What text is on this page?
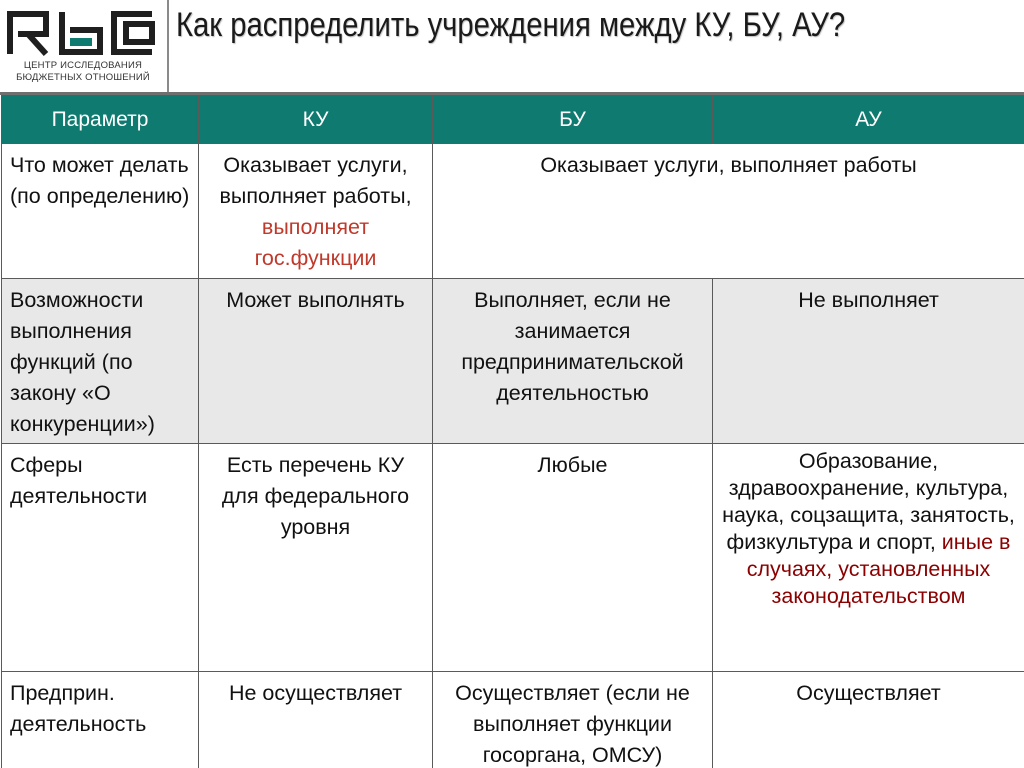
ЦЕНТР ИССЛЕДОВАНИЯ
БЮДЖЕТНЫХ ОТНОШЕНИЙ
Как распределить учреждения между КУ, БУ, АУ?
Параметр	КУ	БУ	АУ
Что может делать (по определению)	Оказывает услуги, выполняет работы, выполняет гос.функции	Оказывает услуги, выполняет работы	
Возможности выполнения функций (по закону «О конкуренции»)	Может выполнять	Выполняет, если не занимается предпринимательской деятельностью	Не выполняет
Сферы деятельности	Есть перечень КУ для федерального уровня	Любые	Образование, здравоохранение, культура, наука, соцзащита, занятость, физкультура и спорт, иные в случаях, установленных законодательством
Предприн. деятельность	Не осуществляет	Осуществляет (если не выполняет функции госоргана, ОМСУ)	Осуществляет
